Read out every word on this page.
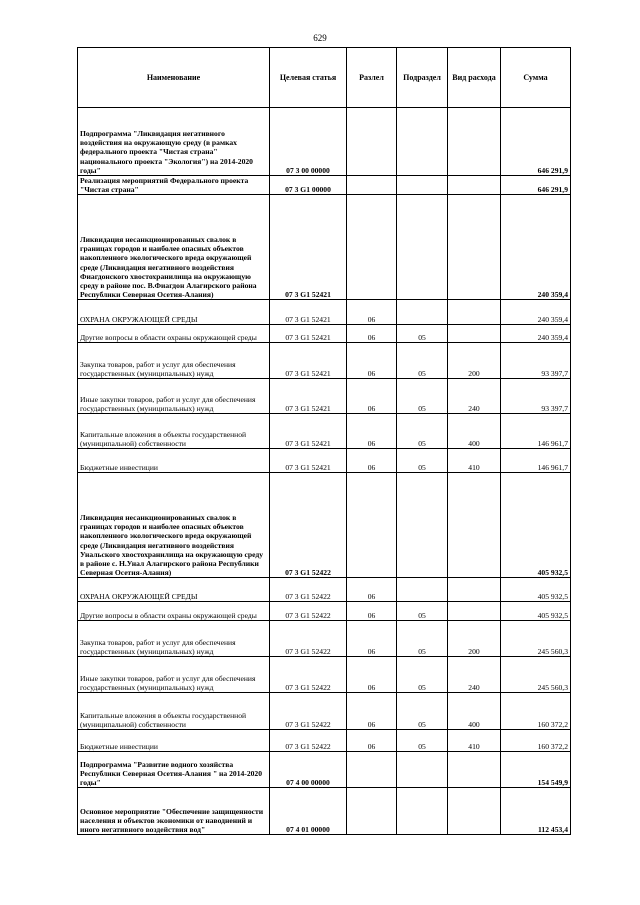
629
Наименование	Целевая статья	Разлел	Подраздел	Вид расхода	Сумма
Подпрограмма "Ликвидация негативного воздействия на окружающую среду (в рамках федерального проекта "Чистая страна" национального проекта "Экология") на 2014-2020 годы"	07 3 00 00000				646 291,9
Реализация мероприятий Федерального проекта "Чистая страна"	07 3 G1 00000				646 291,9
Ликвидация несанкционированных свалок в границах городов и наиболее опасных объектов накопленного экологического вреда окружающей среде (Ликвидация негативного воздействия Фиагдонского хвостохранилища на окружающую среду в районе пос. В.Фиагдон Алагирского района Республики Северная Осетия-Алания)	07 3 G1 52421				240 359,4
ОХРАНА ОКРУЖАЮЩЕЙ СРЕДЫ	07 3 G1 52421	06			240 359,4
Другие вопросы в области охраны окружающей среды	07 3 G1 52421	06	05		240 359,4
Закупка товаров, работ и услуг для обеспечения государственных (муниципальных) нужд	07 3 G1 52421	06	05	200	93 397,7
Иные закупки товаров, работ и услуг для обеспечения государственных (муниципальных) нужд	07 3 G1 52421	06	05	240	93 397,7
Капитальные вложения в объекты государственной (муниципальной) собственности	07 3 G1 52421	06	05	400	146 961,7
Бюджетные инвестиции	07 3 G1 52421	06	05	410	146 961,7
Ликвидация несанкционированных свалок в границах городов и наиболее опасных объектов накопленного экологического вреда окружающей среде (Ликвидация негативного воздействия Унальского хвостохранилища на окружающую среду в районе с. Н.Унал Алагирского района Республики Северная Осетия-Алания)	07 3 G1 52422				405 932,5
ОХРАНА ОКРУЖАЮЩЕЙ СРЕДЫ	07 3 G1 52422	06			405 932,5
Другие вопросы в области охраны окружающей среды	07 3 G1 52422	06	05		405 932,5
Закупка товаров, работ и услуг для обеспечения государственных (муниципальных) нужд	07 3 G1 52422	06	05	200	245 560,3
Иные закупки товаров, работ и услуг для обеспечения государственных (муниципальных) нужд	07 3 G1 52422	06	05	240	245 560,3
Капитальные вложения в объекты государственной (муниципальной) собственности	07 3 G1 52422	06	05	400	160 372,2
Бюджетные инвестиции	07 3 G1 52422	06	05	410	160 372,2
Подпрограмма "Развитие водного хозяйства Республики Северная Осетия-Алания " на 2014-2020 годы"	07 4 00 00000				154 549,9
Основное мероприятие "Обеспечение защищенности населения и объектов экономики от наводнений и иного негативного воздействия вод"	07 4 01 00000				112 453,4
